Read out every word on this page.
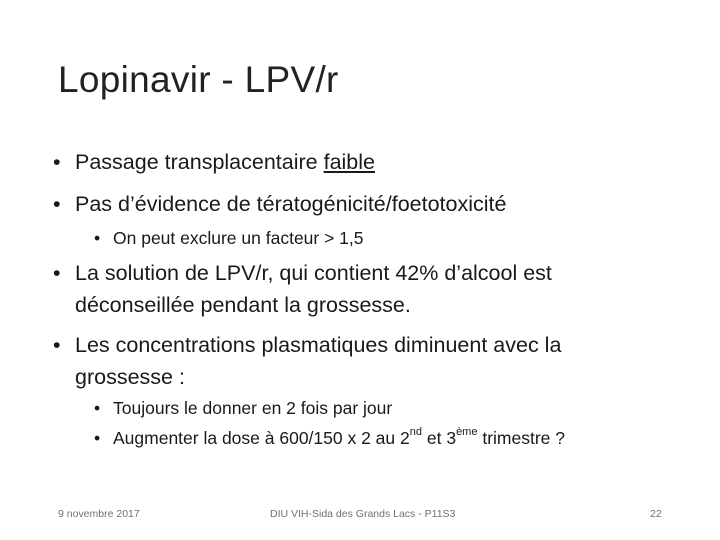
Lopinavir - LPV/r

• Passage transplacentaire faible

• Pas d’évidence de tératogénicité/foetotoxicité

• On peut exclure un facteur > 1,5

• La solution de LPV/r, qui contient 42% d’alcool est
déconseillée pendant la grossesse.
• Les concentrations plasmatiques diminuent avec la
grossesse :

• Toujours le donner en 2 fois par jour

• Augmenter la dose à 600/150 x 2 au 2nd et 3ème trimestre ?

9 novembre 2017	DIU VIH-Sida des Grands Lacs - P11S3	22
